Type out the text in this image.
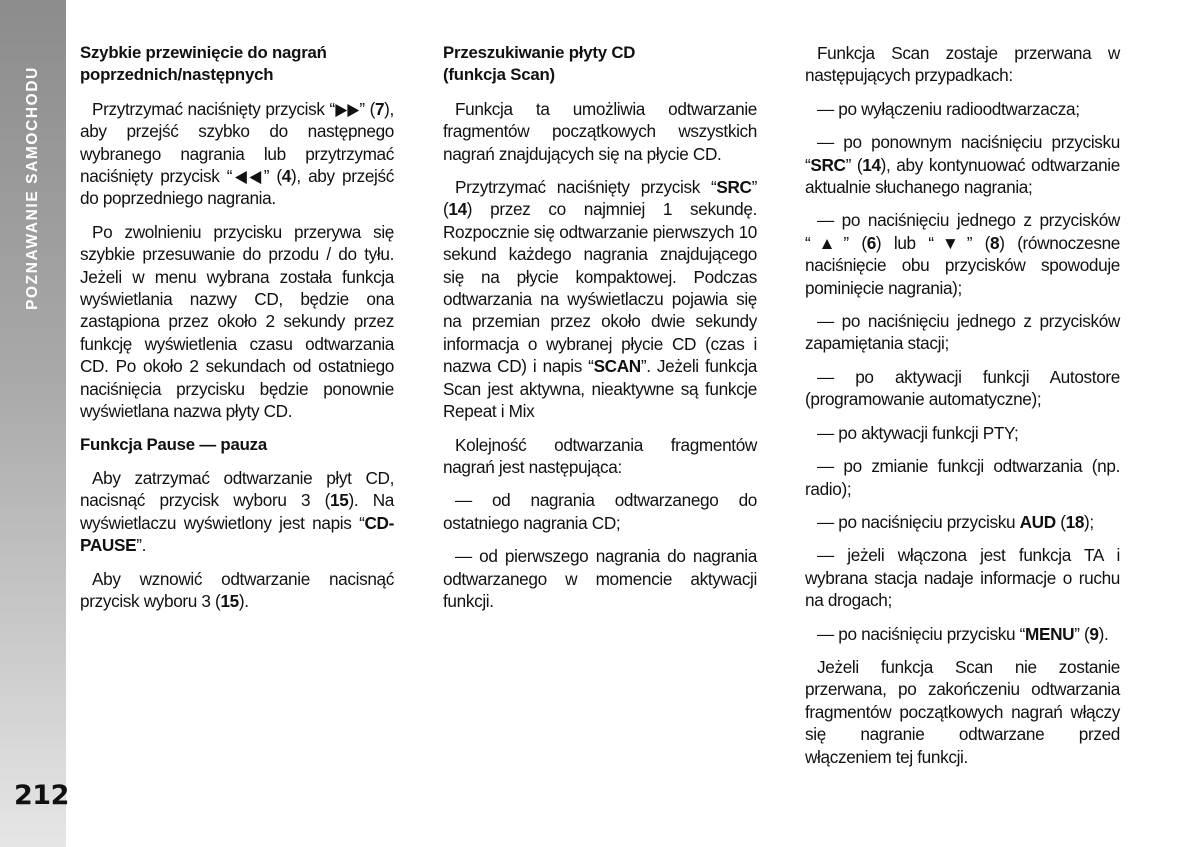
POZNAWANIE SAMOCHODU
212
Szybkie przewinięcie do nagrań
poprzednich/następnych

Przytrzymać naciśnięty przycisk “▶▶” (7), aby przejść szybko do następnego wybranego nagrania lub przytrzymać naciśnięty przycisk “◀◀” (4), aby przejść do poprzedniego nagrania.

Po zwolnieniu przycisku przerywa się szybkie przesuwanie do przodu / do tyłu. Jeżeli w menu wybrana została funkcja wyświetlania nazwy CD, będzie ona zastąpiona przez około 2 sekundy przez funkcję wyświetlenia czasu odtwarzania CD. Po około 2 sekundach od ostatniego naciśnięcia przycisku będzie ponownie wyświetlana nazwa płyty CD.

Funkcja Pause — pauza

Aby zatrzymać odtwarzanie płyt CD, nacisnąć przycisk wyboru 3 (15). Na wyświetlaczu wyświetlony jest napis “CD-PAUSE”.

Aby wznowić odtwarzanie nacisnąć przycisk wyboru 3 (15).

Przeszukiwanie płyty CD
(funkcja Scan)

Funkcja ta umożliwia odtwarzanie fragmentów początkowych wszystkich nagrań znajdujących się na płycie CD.

Przytrzymać naciśnięty przycisk “SRC” (14) przez co najmniej 1 sekundę. Rozpocznie się odtwarzanie pierwszych 10 sekund każdego nagrania znajdującego się na płycie kompaktowej. Podczas odtwarzania na wyświetlaczu pojawia się na przemian przez około dwie sekundy informacja o wybranej płycie CD (czas i nazwa CD) i napis “SCAN”. Jeżeli funkcja Scan jest aktywna, nieaktywne są funkcje Repeat i Mix

Kolejność odtwarzania fragmentów nagrań jest następująca:

— od nagrania odtwarzanego do ostatniego nagrania CD;

— od pierwszego nagrania do nagrania odtwarzanego w momencie aktywacji funkcji.

Funkcja Scan zostaje przerwana w następujących przypadkach:

— po wyłączeniu radioodtwarzacza;

— po ponownym naciśnięciu przycisku “SRC” (14), aby kontynuować odtwarzanie aktualnie słuchanego nagrania;

— po naciśnięciu jednego z przycisków “▲” (6) lub “▼” (8) (równoczesne naciśnięcie obu przycisków spowoduje pominięcie nagrania);

— po naciśnięciu jednego z przycisków zapamiętania stacji;

— po aktywacji funkcji Autostore (programowanie automatyczne);

— po aktywacji funkcji PTY;

— po zmianie funkcji odtwarzania (np. radio);

— po naciśnięciu przycisku AUD (18);

— jeżeli włączona jest funkcja TA i wybrana stacja nadaje informacje o ruchu na drogach;

— po naciśnięciu przycisku “MENU” (9).

Jeżeli funkcja Scan nie zostanie przerwana, po zakończeniu odtwarzania fragmentów początkowych nagrań włączy się nagranie odtwarzane przed włączeniem tej funkcji.
